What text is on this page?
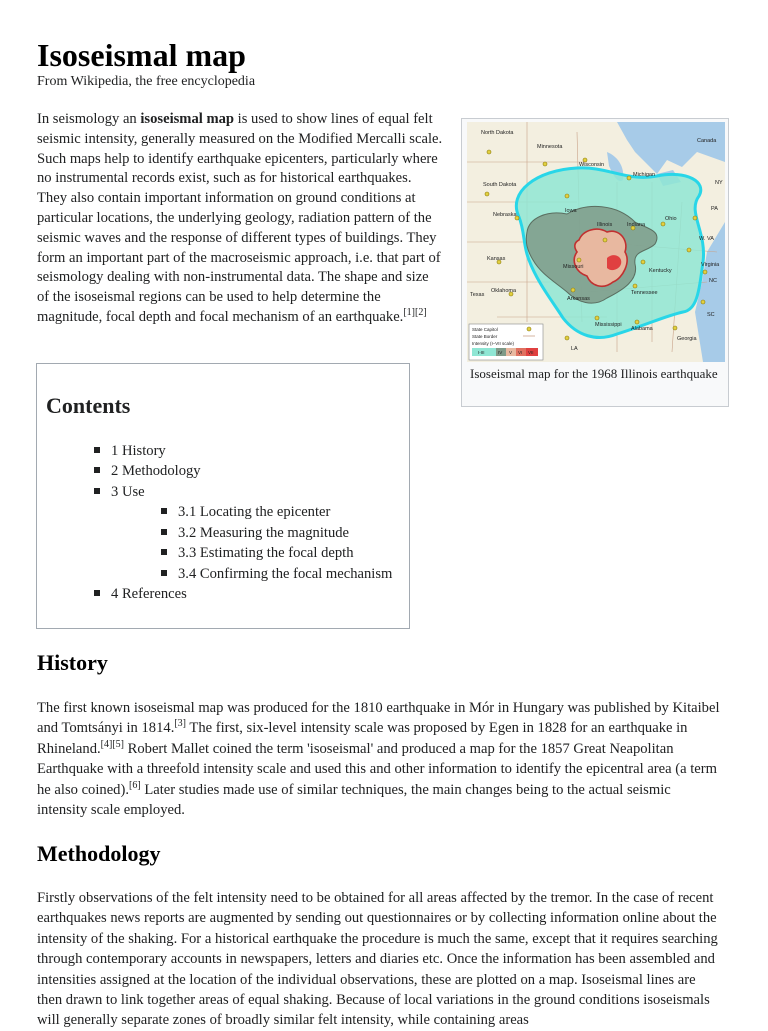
Isoseismal map

From Wikipedia, the free encyclopedia

In seismology an isoseismal map is used to show lines of equal felt seismic intensity, generally measured on the Modified Mercalli scale. Such maps help to identify earthquake epicenters, particularly where no instrumental records exist, such as for historical earthquakes. They also contain important information on ground conditions at particular locations, the underlying geology, radiation pattern of the seismic waves and the response of different types of buildings. They form an important part of the macroseismic approach, i.e. that part of seismology dealing with non-instrumental data. The shape and size of the isoseismal regions can be used to help determine the magnitude, focal depth and focal mechanism of an earthquake.[1][2]

North Dakota
Minnesota
Canada
Wisconsin
Michigan
South Dakota	NY
Iowa
Nebraska
Illinois	Indiana
Ohio
PA
W. VA
Kansas
Missouri
Kentucky
Virginia
NC
Oklahoma
Texas
Arkansas
Tennessee
SC
Mississippi
Alabama
Georgia
LA
State Capitol
State Border
Intensity (I–VII scale)
I-III	IV V VI VII
Isoseismal map for the 1968 Illinois earthquake
Contents
1 History
2 Methodology
3 Use
3.1 Locating the epicenter
3.2 Measuring the magnitude
3.3 Estimating the focal depth
3.4 Confirming the focal mechanism
4 References
History

The first known isoseismal map was produced for the 1810 earthquake in Mór in Hungary was published by Kitaibel and Tomtsányi in 1814.[3] The first, six-level intensity scale was proposed by Egen in 1828 for an earthquake in Rhineland.[4][5] Robert Mallet coined the term 'isoseismal' and produced a map for the 1857 Great Neapolitan Earthquake with a threefold intensity scale and used this and other information to identify the epicentral area (a term he also coined).[6] Later studies made use of similar techniques, the main changes being to the actual seismic intensity scale employed.

Methodology

Firstly observations of the felt intensity need to be obtained for all areas affected by the tremor. In the case of recent earthquakes news reports are augmented by sending out questionnaires or by collecting information online about the intensity of the shaking. For a historical earthquake the procedure is much the same, except that it requires searching through contemporary accounts in newspapers, letters and diaries etc. Once the information has been assembled and intensities assigned at the location of the individual observations, these are plotted on a map. Isoseismal lines are then drawn to link together areas of equal shaking. Because of local variations in the ground conditions isoseismals will generally separate zones of broadly similar felt intensity, while containing areas
